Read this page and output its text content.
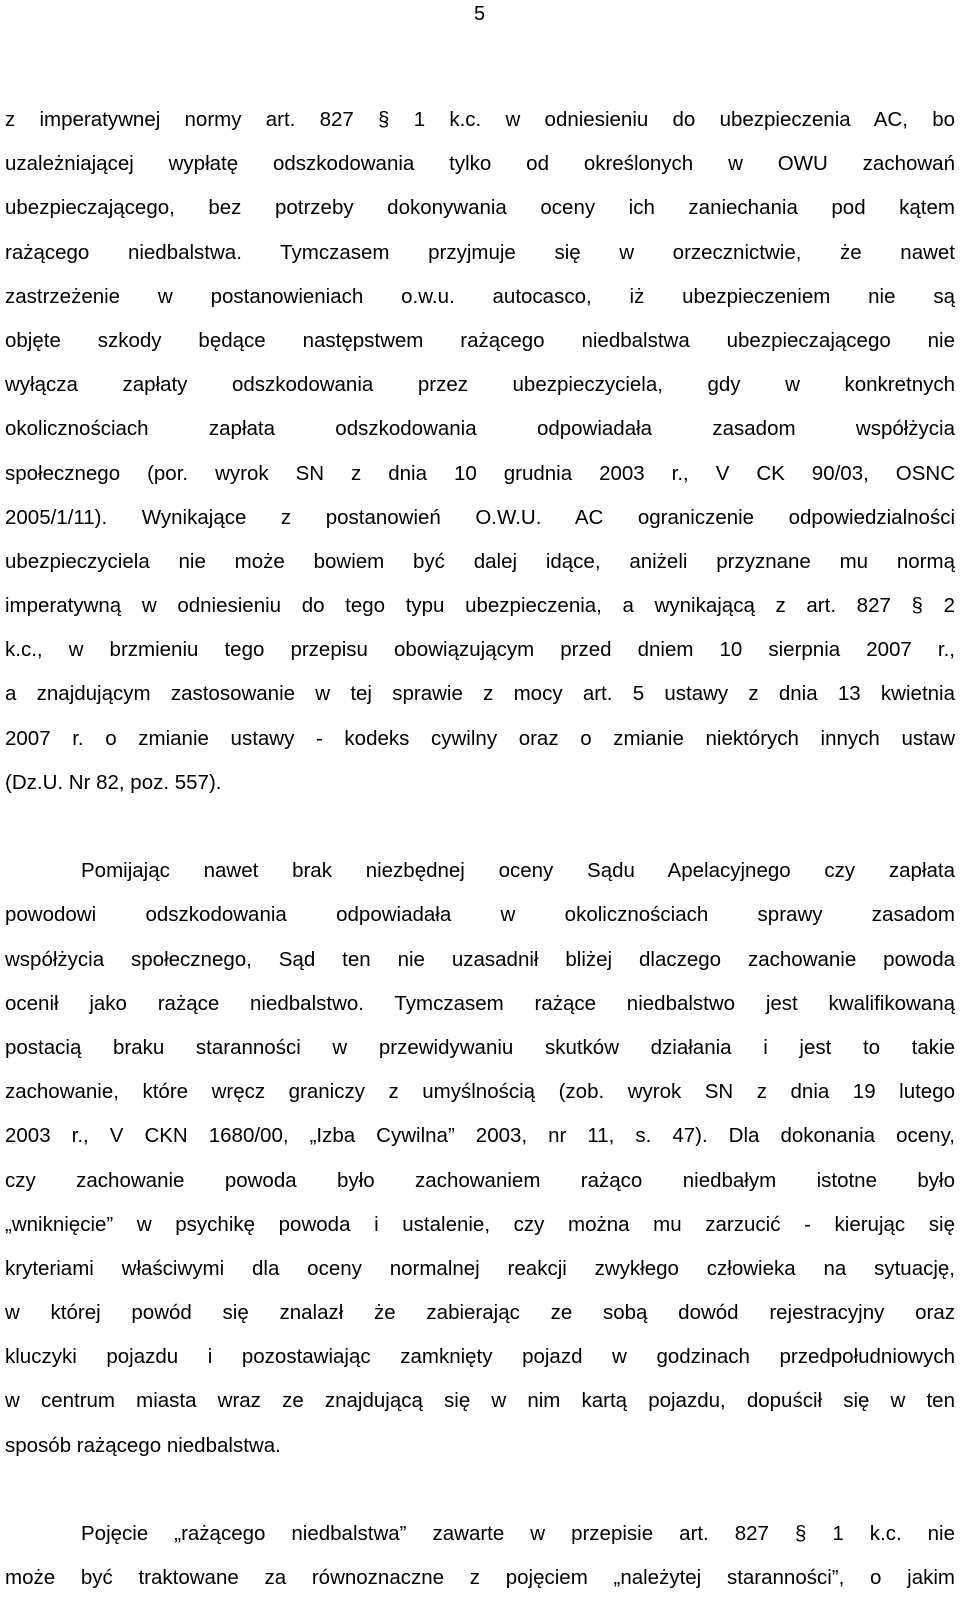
5
z imperatywnej normy art. 827 § 1 k.c. w odniesieniu do ubezpieczenia AC, bo
uzależniającej wypłatę odszkodowania tylko od określonych w OWU zachowań
ubezpieczającego, bez potrzeby dokonywania oceny ich zaniechania pod kątem
rażącego niedbalstwa. Tymczasem przyjmuje się w orzecznictwie, że nawet
zastrzeżenie w postanowieniach o.w.u. autocasco, iż ubezpieczeniem nie są
objęte szkody będące następstwem rażącego niedbalstwa ubezpieczającego nie
wyłącza zapłaty odszkodowania przez ubezpieczyciela, gdy w konkretnych
okolicznościach zapłata odszkodowania odpowiadała zasadom współżycia
społecznego (por. wyrok SN z dnia 10 grudnia 2003 r., V CK 90/03, OSNC
2005/1/11). Wynikające z postanowień O.W.U. AC ograniczenie odpowiedzialności
ubezpieczyciela nie może bowiem być dalej idące, aniżeli przyznane mu normą
imperatywną w odniesieniu do tego typu ubezpieczenia, a wynikającą z art. 827 § 2
k.c., w brzmieniu tego przepisu obowiązującym przed dniem 10 sierpnia 2007 r.,
a znajdującym zastosowanie w tej sprawie z mocy art. 5 ustawy z dnia 13 kwietnia
2007 r. o zmianie ustawy - kodeks cywilny oraz o zmianie niektórych innych ustaw
(Dz.U. Nr 82, poz. 557).
Pomijając nawet brak niezbędnej oceny Sądu Apelacyjnego czy zapłata
powodowi odszkodowania odpowiadała w okolicznościach sprawy zasadom
współżycia społecznego, Sąd ten nie uzasadnił bliżej dlaczego zachowanie powoda
ocenił jako rażące niedbalstwo. Tymczasem rażące niedbalstwo jest kwalifikowaną
postacią braku staranności w przewidywaniu skutków działania i jest to takie
zachowanie, które wręcz graniczy z umyślnością (zob. wyrok SN z dnia 19 lutego
2003 r., V CKN 1680/00, „Izba Cywilna” 2003, nr 11, s. 47). Dla dokonania oceny,
czy zachowanie powoda było zachowaniem rażąco niedbałym istotne było
„wniknięcie” w psychikę powoda i ustalenie, czy można mu zarzucić - kierując się
kryteriami właściwymi dla oceny normalnej reakcji zwykłego człowieka na sytuację,
w której powód się znalazł że zabierając ze sobą dowód rejestracyjny oraz
kluczyki pojazdu i pozostawiając zamknięty pojazd w godzinach przedpołudniowych
w centrum miasta wraz ze znajdującą się w nim kartą pojazdu, dopuścił się w ten
sposób rażącego niedbalstwa.
Pojęcie „rażącego niedbalstwa” zawarte w przepisie art. 827 § 1 k.c. nie
może być traktowane za równoznaczne z pojęciem „należytej staranności”, o jakim
